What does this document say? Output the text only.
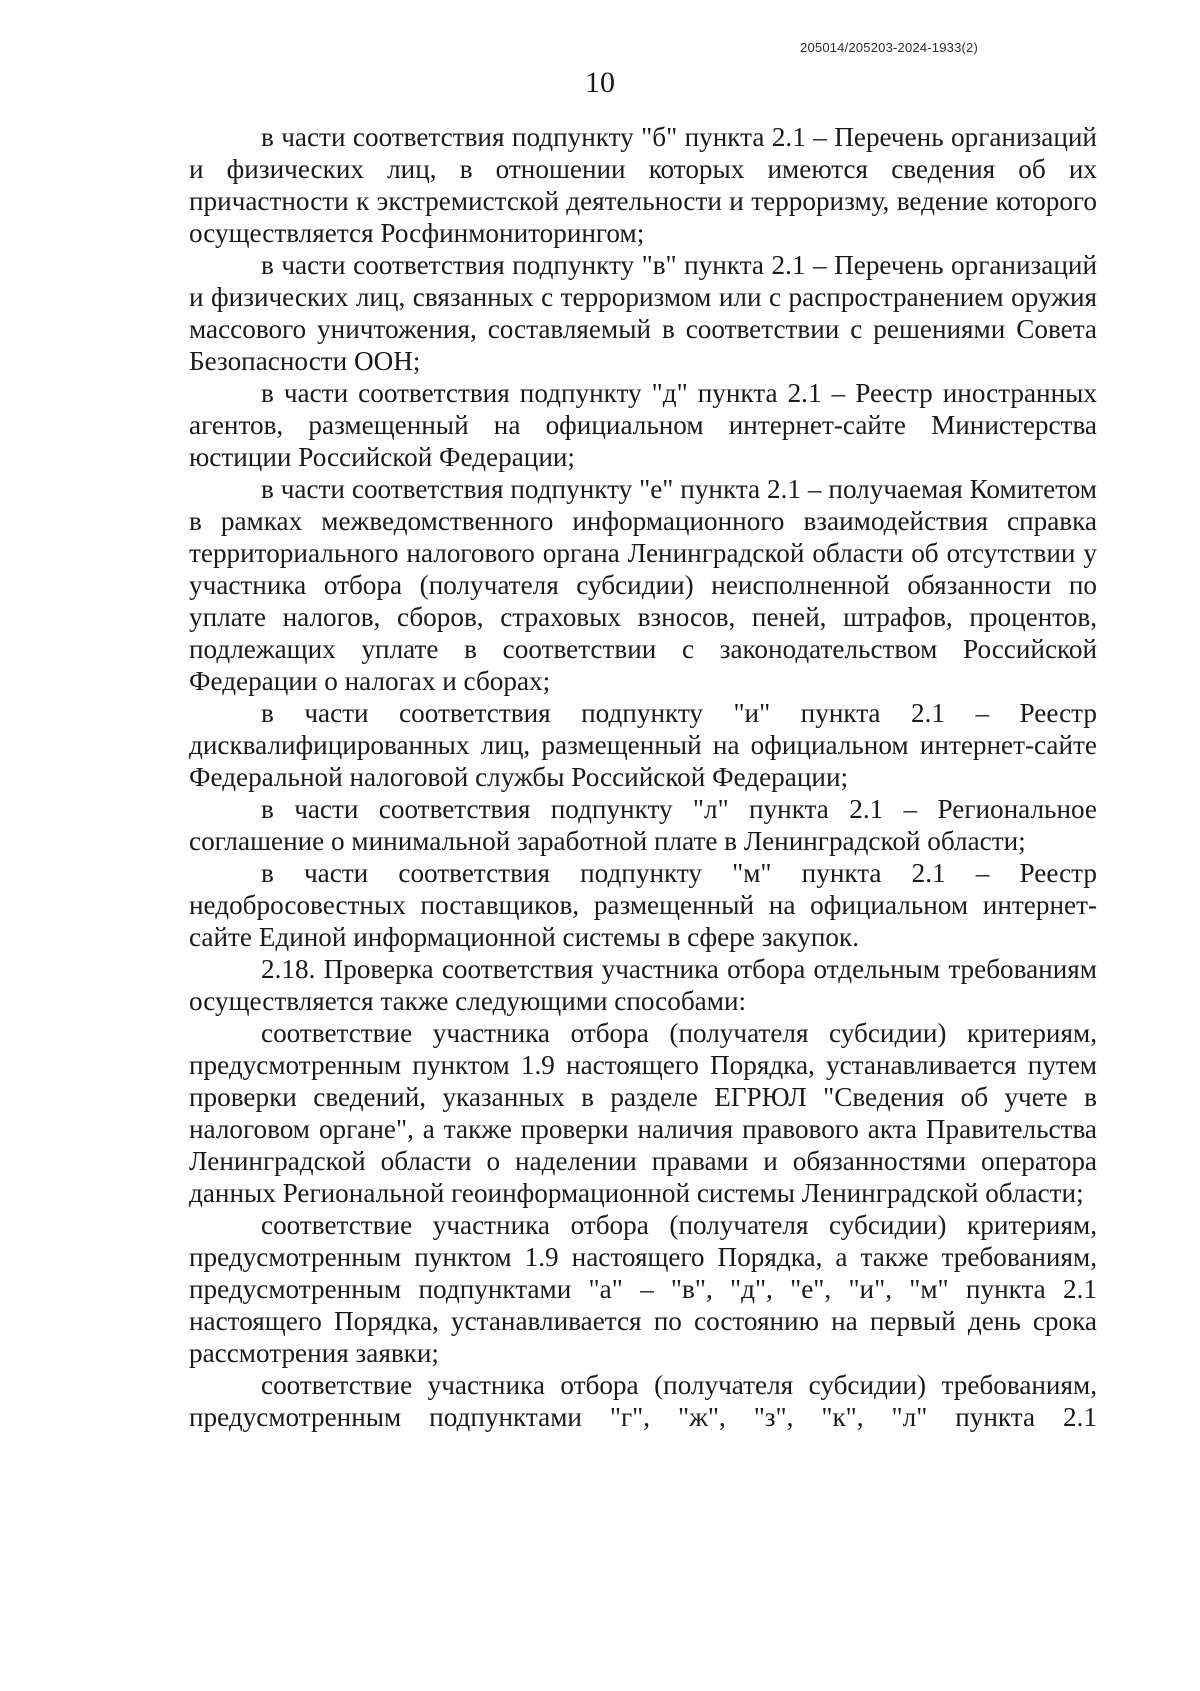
205014/205203-2024-1933(2)
10

в части соответствия подпункту "б" пункта 2.1 – Перечень организаций и физических лиц, в отношении которых имеются сведения об их причастности к экстремистской деятельности и терроризму, ведение которого осуществляется Росфинмониторингом;

в части соответствия подпункту "в" пункта 2.1 – Перечень организаций и физических лиц, связанных с терроризмом или с распространением оружия массового уничтожения, составляемый в соответствии с решениями Совета Безопасности ООН;

в части соответствия подпункту "д" пункта 2.1 – Реестр иностранных агентов, размещенный на официальном интернет-сайте Министерства юстиции Российской Федерации;

в части соответствия подпункту "е" пункта 2.1 – получаемая Комитетом в рамках межведомственного информационного взаимодействия справка территориального налогового органа Ленинградской области об отсутствии у участника отбора (получателя субсидии) неисполненной обязанности по уплате налогов, сборов, страховых взносов, пеней, штрафов, процентов, подлежащих уплате в соответствии с законодательством Российской Федерации о налогах и сборах;

в части соответствия подпункту "и" пункта 2.1 – Реестр дисквалифицированных лиц, размещенный на официальном интернет-сайте Федеральной налоговой службы Российской Федерации;

в части соответствия подпункту "л" пункта 2.1 – Региональное соглашение о минимальной заработной плате в Ленинградской области;

в части соответствия подпункту "м" пункта 2.1 – Реестр недобросовестных поставщиков, размещенный на официальном интернет-сайте Единой информационной системы в сфере закупок.

2.18. Проверка соответствия участника отбора отдельным требованиям осуществляется также следующими способами:

соответствие участника отбора (получателя субсидии) критериям, предусмотренным пунктом 1.9 настоящего Порядка, устанавливается путем проверки сведений, указанных в разделе ЕГРЮЛ "Сведения об учете в налоговом органе", а также проверки наличия правового акта Правительства Ленинградской области о наделении правами и обязанностями оператора данных Региональной геоинформационной системы Ленинградской области;

соответствие участника отбора (получателя субсидии) критериям, предусмотренным пунктом 1.9 настоящего Порядка, а также требованиям, предусмотренным подпунктами "а" – "в", "д", "е", "и", "м" пункта 2.1 настоящего Порядка, устанавливается по состоянию на первый день срока рассмотрения заявки;

соответствие участника отбора (получателя субсидии) требованиям, предусмотренным подпунктами "г", "ж", "з", "к", "л" пункта 2.1
